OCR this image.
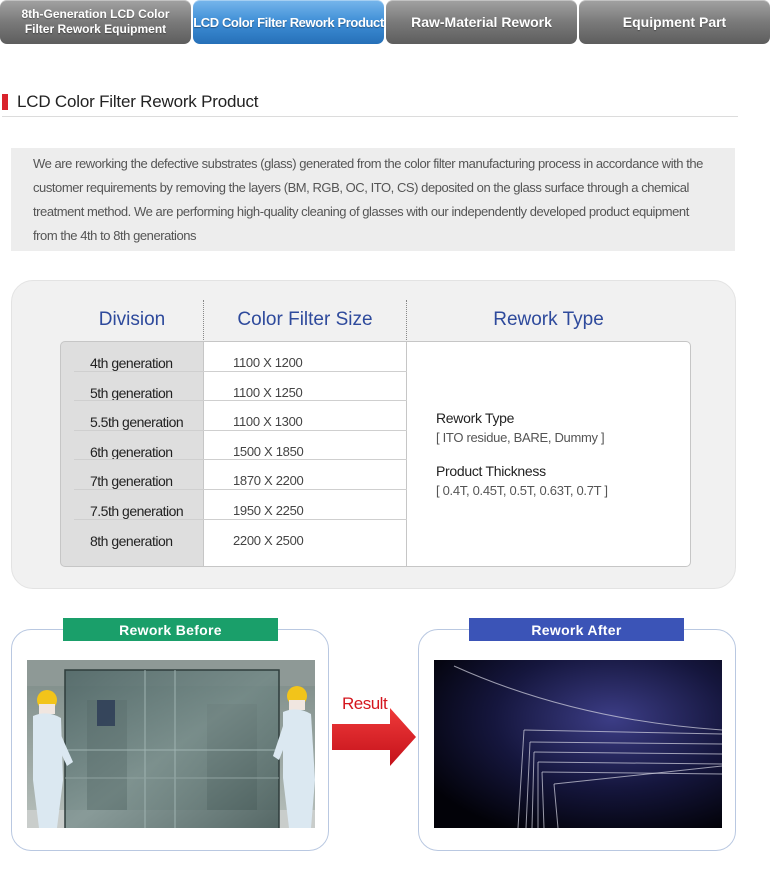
8th-Generation LCD Color
Filter Rework Equipment LCD Color Filter Rework Product Raw-Material Rework	Equipment Part
LCD Color Filter Rework Product
We are reworking the defective substrates (glass) generated from the color filter manufacturing process in accordance with the customer requirements by removing the layers (BM, RGB, OC, ITO, CS) deposited on the glass surface through a chemical treatment method. We are performing high-quality cleaning of glasses with our independently developed product equipment from the 4th to 8th generations
Division	Color Filter Size	Rework Type
4th generation	1100 X 1200
5th generation	1100 X 1250
5.5th generation	1100 X 1300
6th generation	1500 X 1850
7th generation	1870 X 2200
7.5th generation	1950 X 2250
8th generation	2200 X 2500
Rework Type
[ ITO residue, BARE, Dummy ]
Product Thickness
[ 0.4T, 0.45T, 0.5T, 0.63T, 0.7T ]
Rework Before	Rework After
Result
